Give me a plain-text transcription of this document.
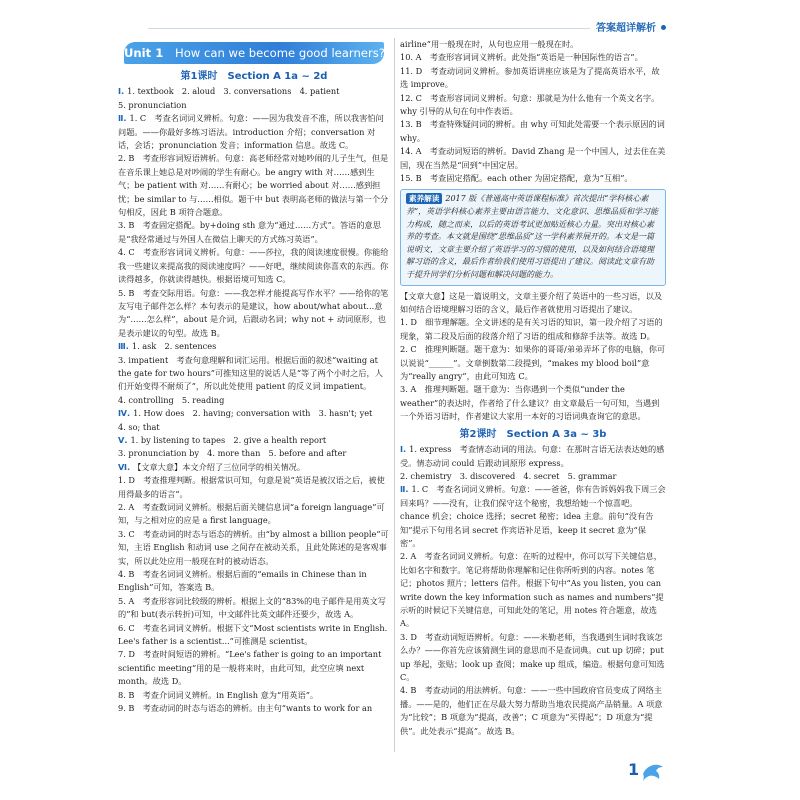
答案超详解析
Unit 1 How can we become good learners?
第1课时　Section A 1a ~ 2d

Ⅰ. 1. textbook　2. aloud　3. conversations　4. patient

5. pronunciation

Ⅱ. 1. C　考查名词词义辨析。句意：——因为我发音不准，所以我害怕问问题。——你最好多练习语法。introduction 介绍；conversation 对话，会话；pronunciation 发音；information 信息。故选 C。

2. B　考查形容词短语辨析。句意：高老师经常对她吵闹的儿子生气，但是在音乐课上她总是对吵闹的学生有耐心。be angry with 对……感到生气；be patient with 对……有耐心；be worried about 对……感到担忧；be similar to 与……相似。题干中 but 表明高老师的做法与第一个分句相反，因此 B 项符合题意。

3. B　考查固定搭配。by+doing sth 意为“通过……方式”。答语的意思是“我经常通过与外国人在微信上聊天的方式练习英语”。

4. C　考查形容词词义辨析。句意：——莎拉，我的阅读速度很慢。你能给我一些建议来提高我的阅读速度吗？——好吧，继续阅读你喜欢的东西。你读得越多，你就读得越快。根据语境可知选 C。

5. B　考查交际用语。句意：——我怎样才能提高写作水平？——给你的笔友写电子邮件怎么样？本句表示的是建议，how about/what about...意为“……怎么样”，about 是介词，后跟动名词；why not + 动词原形，也是表示建议的句型。故选 B。

Ⅲ. 1. ask　2. sentences

3. impatient　考查句意理解和词汇运用。根据后面的叙述“waiting at the gate for two hours”可推知这里的说话人是“等了两个小时之后，人们开始变得不耐烦了”，所以此处使用 patient 的反义词 impatient。

4. controlling　5. reading

Ⅳ. 1. How does　2. having; conversation with　3. hasn't; yet

4. so; that

Ⅴ. 1. by listening to tapes　2. give a health report

3. pronunciation by　4. more than　5. before and after

Ⅵ. 【文章大意】本文介绍了三位同学的相关情况。

1. D　考查推理判断。根据常识可知，句意是说“英语是被汉语之后，被使用得最多的语言”。

2. A　考查数词词义辨析。根据后面关键信息词“a foreign language”可知，与之相对应的应是 a first language。

3. C　考查动词的时态与语态的辨析。由“by almost a billion people”可知，主语 English 和动词 use 之间存在被动关系，且此处陈述的是客观事实，所以此处应用一般现在时的被动语态。

4. B　考查名词词义辨析。根据后面的“emails in Chinese than in English”可知，答案选 B。

5. A　考查形容词比较级的辨析。根据上文的“83%的电子邮件是用英文写的”和 but(表示转折)可知，中文邮件比英文邮件还要少，故选 A。

6. C　考查名词词义辨析。根据下文“Most scientists write in English. Lee's father is a scientist...”可推测是 scientist。

7. D　考查时间短语的辨析。“Lee's father is going to an important scientific meeting”用的是一般将来时，由此可知，此空应填 next month。故选 D。

8. B　考查介词词义辨析。in English 意为“用英语”。

9. B　考查动词的时态与语态的辨析。由主句“wants to work for an

airline”用一般现在时，从句也应用一般现在时。

10. A　考查形容词词义辨析。此处指“英语是一种国际性的语言”。

11. D　考查动词词义辨析。参加英语讲座应该是为了提高英语水平，故选 improve。

12. C　考查形容词词义辨析。句意：那就是为什么他有一个英文名字。why 引导的从句在句中作表语。

13. B　考查特殊疑问词的辨析。由 why 可知此处需要一个表示原因的词 why。

14. A　考查动词短语的辨析。David Zhang 是一个中国人，过去住在美国，现在当然是“回到”中国定居。

15. B　考查固定搭配。each other 为固定搭配，意为“互相”。

素养解读 2017 版《普通高中英语课程标准》首次提出“学科核心素养”，英语学科核心素养主要由语言能力、文化意识、思维品质和学习能力构成，随之而来，以后的英语考试更加贴近核心力量。突出对核心素养的考查。本文就是围绕“思维品质”这一学科素养展开的。本文是一篇说明文，文章主要介绍了英语学习的习惯的使用，以及如何结合语境理解习语的含义，最后作者给我们使用习语提出了建议。阅读此文章有助于提升同学们分析问题和解决问题的能力。

【文章大意】这是一篇说明文，文章主要介绍了英语中的一些习语，以及如何结合语境理解习语的含义，最后作者就使用习语提出了建议。

1. D　细节理解题。全文讲述的是有关习语的知识，第一段介绍了习语的现象，第二段及后面的段落介绍了习语的组成和修辞手法等。故选 D。

2. C　推理判断题。题干意为：如果你的哥哥/弟弟弄坏了你的电脑，你可以说说“______”。文章倒数第二段提到，“makes my blood boil”意为“really angry”，由此可知选 C。

3. A　推理判断题。题干意为：当你遇到一个类似“under the weather”的表达时，作者给了什么建议？由文章最后一句可知，当遇到一个外语习语时，作者建议大家用一本好的习语词典查询它的意思。

第2课时　Section A 3a ~ 3b

Ⅰ. 1. express　考查情态动词的用法。句意：在那时言语无法表达她的感受。情态动词 could 后跟动词原形 express。

2. chemistry　3. discovered　4. secret　5. grammar

Ⅱ. 1. C　考查名词词义辨析。句意：——爸爸，你有告诉妈妈我下周三会回来吗？——没有，让我们保守这个秘密，我想给她一个惊喜吧。chance 机会；choice 选择；secret 秘密；idea 主意。前句“没有告知”提示下句用名词 secret 作宾语补足语，keep it secret 意为“保密”。

2. A　考查名词词义辨析。句意：在听的过程中，你可以写下关键信息，比如名字和数字。笔记将帮助你理解和记住你所听到的内容。notes 笔记；photos 照片；letters 信件。根据下句中“As you listen, you can write down the key information such as names and numbers”提示听的时候记下关键信息，可知此处的笔记，用 notes 符合题意，故选 A。

3. D　考查动词短语辨析。句意：——米勒老师，当我遇到生词时我该怎么办？——你首先应该猜测生词的意思而不是查词典。cut up 切碎；put up 举起，张贴；look up 查阅；make up 组成，编造。根据句意可知选 C。

4. B　考查动词的用法辨析。句意：——一些中国政府官员变成了网络主播。——是的，他们正在尽最大努力帮助当地农民提高产品销量。A 项意为“比较”；B 项意为“提高，改善”；C 项意为“买得起”；D 项意为“提供”。此处表示“提高”。故选 B。

1
